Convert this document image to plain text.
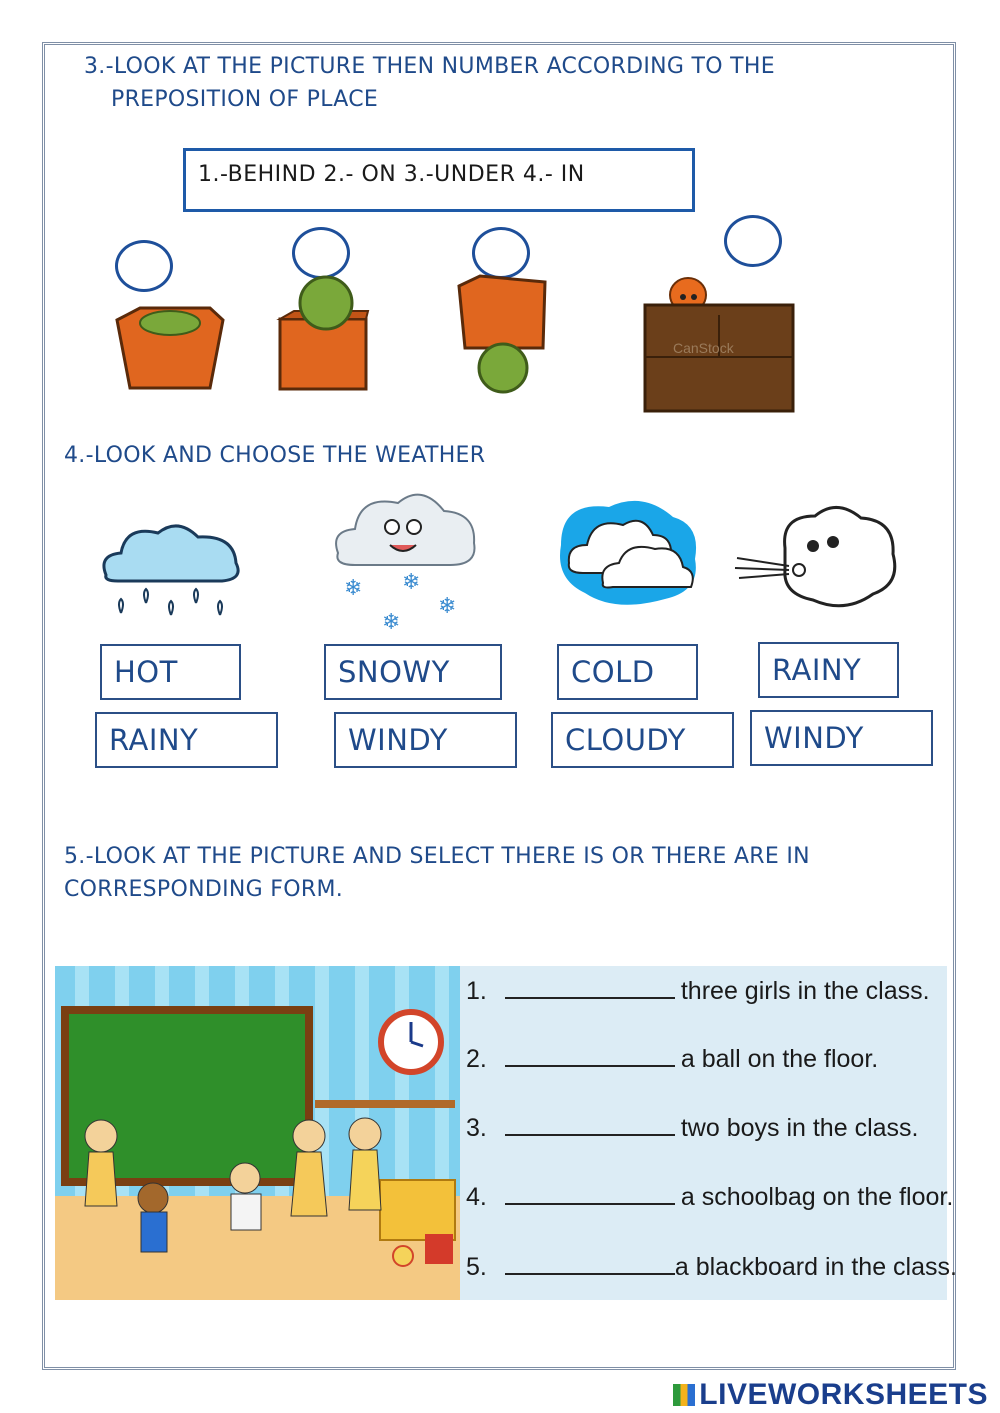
3.-LOOK AT THE PICTURE THEN NUMBER ACCORDING TO THE
PREPOSITION OF PLACE
1.-BEHIND 2.- ON 3.-UNDER 4.- IN
CanStock
4.-LOOK AND CHOOSE THE WEATHER
❄ ❄
❄
❄
HOT
RAINY
SNOWY
WINDY
COLD
CLOUDY
RAINY
WINDY
5.-LOOK AT THE PICTURE AND SELECT THERE IS OR THERE ARE IN
CORRESPONDING FORM.
1.	three girls in the class.
2.	a ball on the floor.
3.	two boys in the class.
4.	a schoolbag on the floor.
5.	a blackboard in the class.
LIVEWORKSHEETS
